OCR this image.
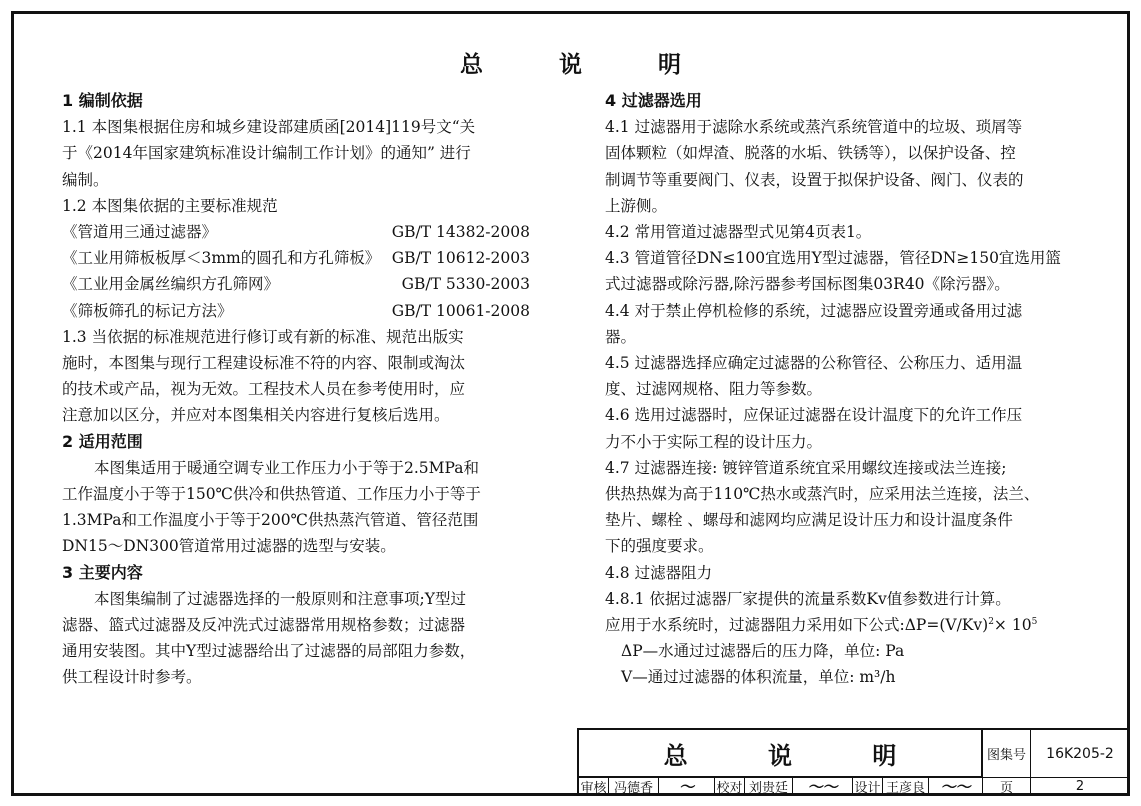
总 说 明

1 编制依据

1.1 本图集根据住房和城乡建设部建质函[2014]119号文“关

于《2014年国家建筑标准设计编制工作计划》的通知” 进行

编制。

1.2 本图集依据的主要标准规范

《管道用三通过滤器》	GB/T 14382-2008

《工业用筛板板厚＜3mm的圆孔和方孔筛板》 GB/T 10612-2003

《工业用金属丝编织方孔筛网》	GB/T 5330-2003

《筛板筛孔的标记方法》	GB/T 10061-2008

1.3 当依据的标准规范进行修订或有新的标准、规范出版实

施时，本图集与现行工程建设标准不符的内容、限制或淘汰

的技术或产品，视为无效。工程技术人员在参考使用时，应

注意加以区分，并应对本图集相关内容进行复核后选用。

2 适用范围

本图集适用于暖通空调专业工作压力小于等于2.5MPa和

工作温度小于等于150℃供冷和供热管道、工作压力小于等于

1.3MPa和工作温度小于等于200℃供热蒸汽管道、管径范围

DN15～DN300管道常用过滤器的选型与安装。

3 主要内容

本图集编制了过滤器选择的一般原则和注意事项;Y型过

滤器、篮式过滤器及反冲洗式过滤器常用规格参数；过滤器

通用安装图。其中Y型过滤器给出了过滤器的局部阻力参数，

供工程设计时参考。

4 过滤器选用

4.1 过滤器用于滤除水系统或蒸汽系统管道中的垃圾、琐屑等

固体颗粒（如焊渣、脱落的水垢、铁锈等），以保护设备、控

制调节等重要阀门、仪表，设置于拟保护设备、阀门、仪表的

上游侧。

4.2 常用管道过滤器型式见第4页表1。

4.3 管道管径DN≤100宜选用Y型过滤器，管径DN≥150宜选用篮

式过滤器或除污器,除污器参考国标图集03R40《除污器》。

4.4 对于禁止停机检修的系统，过滤器应设置旁通或备用过滤

器。

4.5 过滤器选择应确定过滤器的公称管径、公称压力、适用温

度、过滤网规格、阻力等参数。

4.6 选用过滤器时，应保证过滤器在设计温度下的允许工作压

力不小于实际工程的设计压力。

4.7 过滤器连接: 镀锌管道系统宜采用螺纹连接或法兰连接;

供热热媒为高于110℃热水或蒸汽时，应采用法兰连接，法兰、

垫片、螺栓 、螺母和滤网均应满足设计压力和设计温度条件

下的强度要求。

4.8 过滤器阻力

4.8.1 依据过滤器厂家提供的流量系数Kv值参数进行计算。

应用于水系统时，过滤器阻力采用如下公式$:\Delta P=(V/Kv)^2\times 10^5$

ΔP—水通过过滤器后的压力降，单位: Pa

V—通过过滤器的体积流量，单位: m³/h

总 说 明	图集号	16K205-2
审核 冯德香	〜	校对 刘贵廷	〜〜	设计 王彦良	〜〜	页	2
